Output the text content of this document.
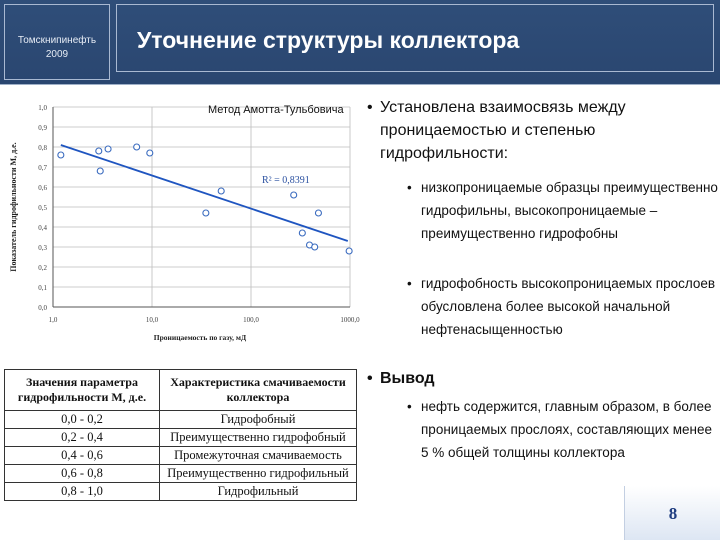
Томскнипинефть
2009
Уточнение структуры коллектора
0,0
0,1
0,2
0,3
0,4
0,5
0,6
0,7
0,8
0,9
1,0
1,0	10,0	100,0	1000,0
R² = 0,8391
Проницаемость по газу, мД
Показатель гидрофильности М, д.е.
Метод Амотта-Тульбовича
Значения параметра гидрофильности М, д.е.	Характеристика смачиваемости коллектора
0,0 - 0,2	Гидрофобный
0,2 - 0,4	Преимущественно гидрофобный
0,4 - 0,6	Промежуточная смачиваемость
0,6 - 0,8	Преимущественно гидрофильный
0,8 - 1,0	Гидрофильный
• Установлена взаимосвязь между проницаемостью и степенью гидрофильности:
• низкопроницаемые образцы преимущественно гидрофильны, высокопроницаемые – преимущественно гидрофобны
• гидрофобность высокопроницаемых прослоев обусловлена более высокой начальной нефтенасыщенностью
• Вывод
• нефть содержится, главным образом, в более проницаемых прослоях, составляющих менее 5 % общей толщины коллектора
8
